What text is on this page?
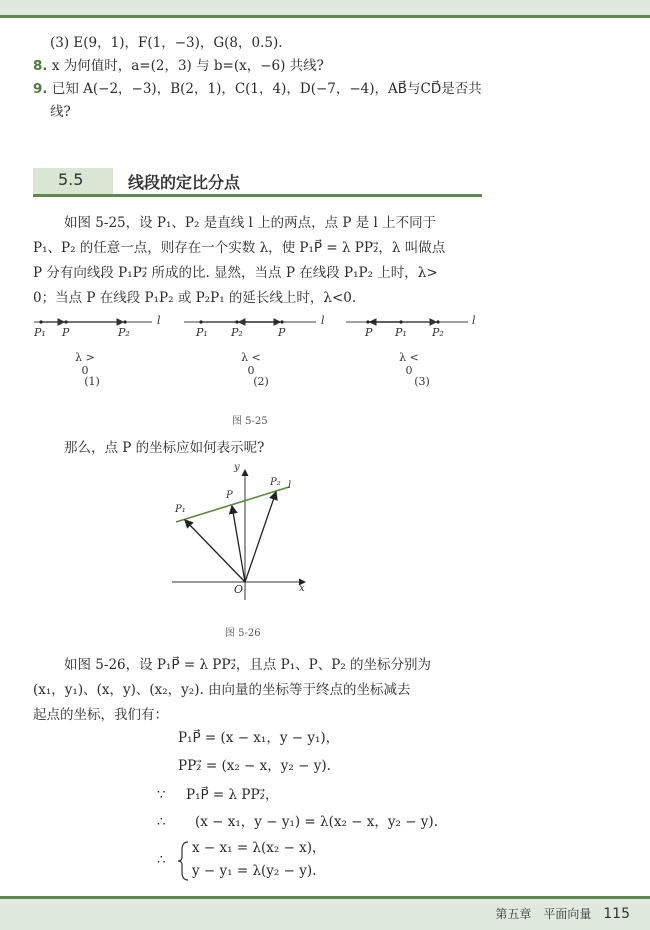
(3) E(9，1)，F(1，−3)，G(8，0.5).
8. x 为何值时，a=(2，3) 与 b=(x，−6) 共线?
9. 已知 A(−2，−3)，B(2，1)，C(1，4)，D(−7，−4)，AB⃗与CD⃗是否共
线?
5.5	线段的定比分点
如图 5-25，设 P₁、P₂ 是直线 l 上的两点，点 P 是 l 上不同于
P₁、P₂ 的任意一点，则存在一个实数 λ，使 P₁P⃗ = λ PP₂⃗，λ 叫做点
P 分有向线段 P₁P₂⃗ 所成的比. 显然，当点 P 在线段 P₁P₂ 上时，λ>
0；当点 P 在线段 P₁P₂ 或 P₂P₁ 的延长线上时，λ<0.
P₁ P	P₂
l
P₁ P₂	P
l
P P₁ P₂
l
λ > 0
λ < 0
λ < 0
(1)	(2)	(3)
图 5-25
那么，点 P 的坐标应如何表示呢?
y
x
O
P₁
P
P₂ l
图 5-26
如图 5-26，设 P₁P⃗ = λ PP₂⃗，且点 P₁、P、P₂ 的坐标分别为
(x₁，y₁)、(x，y)、(x₂，y₂). 由向量的坐标等于终点的坐标减去
起点的坐标，我们有：
P₁P⃗ = (x − x₁，y − y₁)，
PP₂⃗ = (x₂ − x，y₂ − y).
∵ P₁P⃗ = λ PP₂⃗，
∴ (x − x₁，y − y₁) = λ(x₂ − x，y₂ − y).
∴
x − x₁ = λ(x₂ − x)，
y − y₁ = λ(y₂ − y).
第五章　平面向量 115
